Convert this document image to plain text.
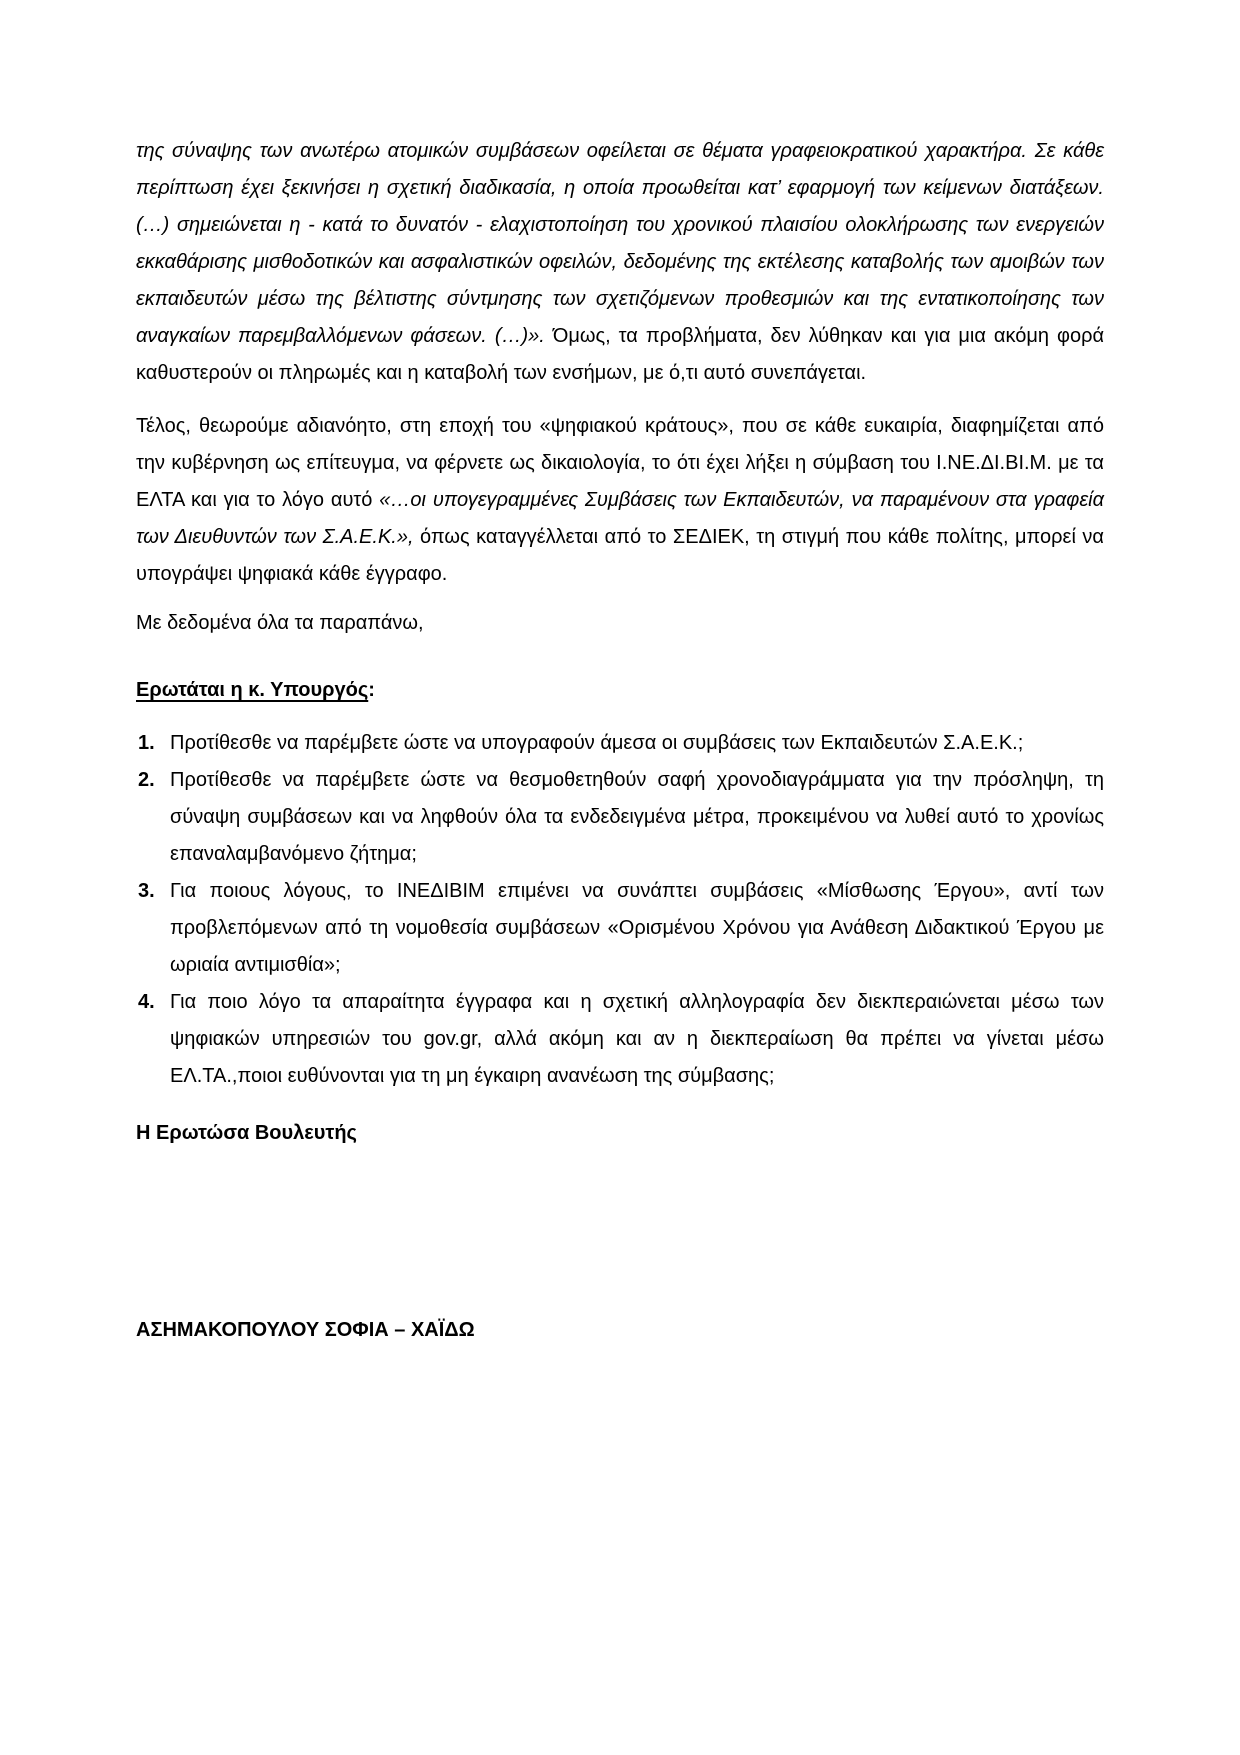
της σύναψης των ανωτέρω ατομικών συμβάσεων οφείλεται σε θέματα γραφειοκρατικού χαρακτήρα. Σε κάθε περίπτωση έχει ξεκινήσει η σχετική διαδικασία, η οποία προωθείται κατ’ εφαρμογή των κείμενων διατάξεων. (…) σημειώνεται η - κατά το δυνατόν - ελαχιστοποίηση του χρονικού πλαισίου ολοκλήρωσης των ενεργειών εκκαθάρισης μισθοδοτικών και ασφαλιστικών οφειλών, δεδομένης της εκτέλεσης καταβολής των αμοιβών των εκπαιδευτών μέσω της βέλτιστης σύντμησης των σχετιζόμενων προθεσμιών και της εντατικοποίησης των αναγκαίων παρεμβαλλόμενων φάσεων. (…)». Όμως, τα προβλήματα, δεν λύθηκαν και για μια ακόμη φορά καθυστερούν οι πληρωμές και η καταβολή των ενσήμων, με ό,τι αυτό συνεπάγεται.

Τέλος, θεωρούμε αδιανόητο, στη εποχή του «ψηφιακού κράτους», που σε κάθε ευκαιρία, διαφημίζεται από την κυβέρνηση ως επίτευγμα, να φέρνετε ως δικαιολογία, το ότι έχει λήξει η σύμβαση του Ι.ΝΕ.ΔΙ.ΒΙ.Μ. με τα ΕΛΤΑ και για το λόγο αυτό «…οι υπογεγραμμένες Συμβάσεις των Εκπαιδευτών, να παραμένουν στα γραφεία των Διευθυντών των Σ.Α.Ε.Κ.», όπως καταγγέλλεται από το ΣΕΔΙΕΚ, τη στιγμή που κάθε πολίτης, μπορεί να υπογράψει ψηφιακά κάθε έγγραφο.

Με δεδομένα όλα τα παραπάνω,

Ερωτάται η κ. Υπουργός:

1. Προτίθεσθε να παρέμβετε ώστε να υπογραφούν άμεσα οι συμβάσεις των Εκπαιδευτών Σ.Α.Ε.Κ.;
2. Προτίθεσθε να παρέμβετε ώστε να θεσμοθετηθούν σαφή χρονοδιαγράμματα για την πρόσληψη, τη σύναψη συμβάσεων και να ληφθούν όλα τα ενδεδειγμένα μέτρα, προκειμένου να λυθεί αυτό το χρονίως επαναλαμβανόμενο ζήτημα;
3. Για ποιους λόγους, το ΙΝΕΔΙΒΙΜ επιμένει να συνάπτει συμβάσεις «Μίσθωσης Έργου», αντί των προβλεπόμενων από τη νομοθεσία συμβάσεων «Ορισμένου Χρόνου για Ανάθεση Διδακτικού Έργου με ωριαία αντιμισθία»;
4. Για ποιο λόγο τα απαραίτητα έγγραφα και η σχετική αλληλογραφία δεν διεκπεραιώνεται μέσω των ψηφιακών υπηρεσιών του gov.gr, αλλά ακόμη και αν η διεκπεραίωση θα πρέπει να γίνεται μέσω ΕΛ.ΤΑ.,ποιοι ευθύνονται για τη μη έγκαιρη ανανέωση της σύμβασης;

Η Ερωτώσα Βουλευτής

ΑΣΗΜΑΚΟΠΟΥΛΟΥ ΣΟΦΙΑ – ΧΑΪΔΩ
